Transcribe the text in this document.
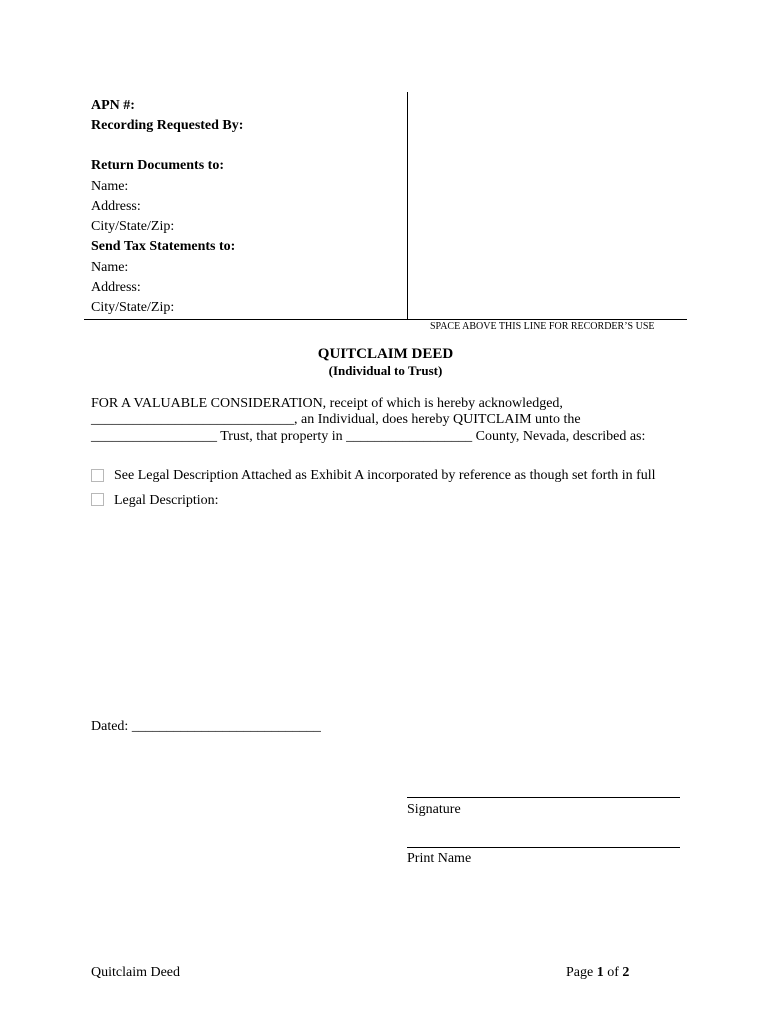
APN #:
Recording Requested By:
Return Documents to:
Name:
Address:
City/State/Zip:
Send Tax Statements to:
Name:
Address:
City/State/Zip:
SPACE ABOVE THIS LINE FOR RECORDER’S USE
QUITCLAIM DEED
(Individual to Trust)
FOR A VALUABLE CONSIDERATION, receipt of which is hereby acknowledged,
_____________________________, an Individual, does hereby QUITCLAIM unto the
__________________ Trust, that property in __________________ County, Nevada, described as:
See Legal Description Attached as Exhibit A incorporated by reference as though set forth in full
Legal Description:
Dated: ___________________________
Signature
Print Name
Quitclaim Deed	Page 1 of 2
